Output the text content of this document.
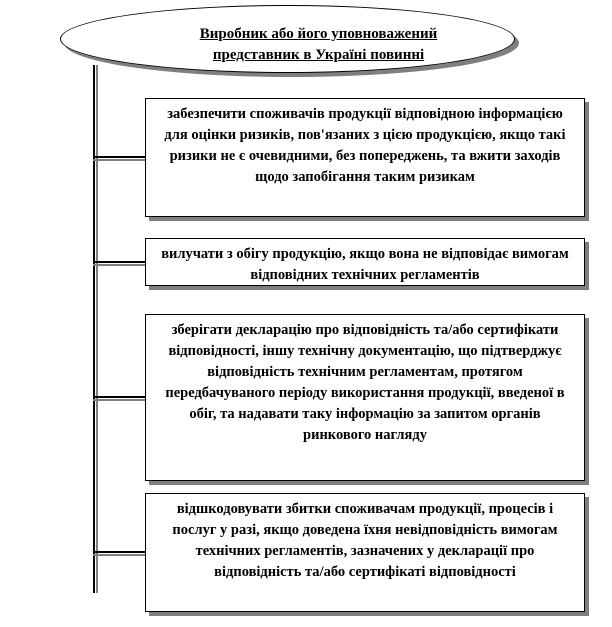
Виробник або його уповноважений
представник в Україні повинні
забезпечити споживачів продукції відповідною інформацією для оцінки ризиків, пов'язаних з цією продукцією, якщо такі ризики не є очевидними, без попереджень, та вжити заходів щодо запобігання таким ризикам
вилучати з обігу продукцію, якщо вона не відповідає вимогам відповідних технічних регламентів
зберігати декларацію про відповідність та/або сертифікати відповідності, іншу технічну документацію, що підтверджує відповідність технічним регламентам, протягом передбачуваного періоду використання продукції, введеної в обіг, та надавати таку інформацію за запитом органів ринкового нагляду
відшкодовувати збитки споживачам продукції, процесів і послуг у разі, якщо доведена їхня невідповідність вимогам технічних регламентів, зазначених у декларації про відповідність та/або сертифікаті відповідності
